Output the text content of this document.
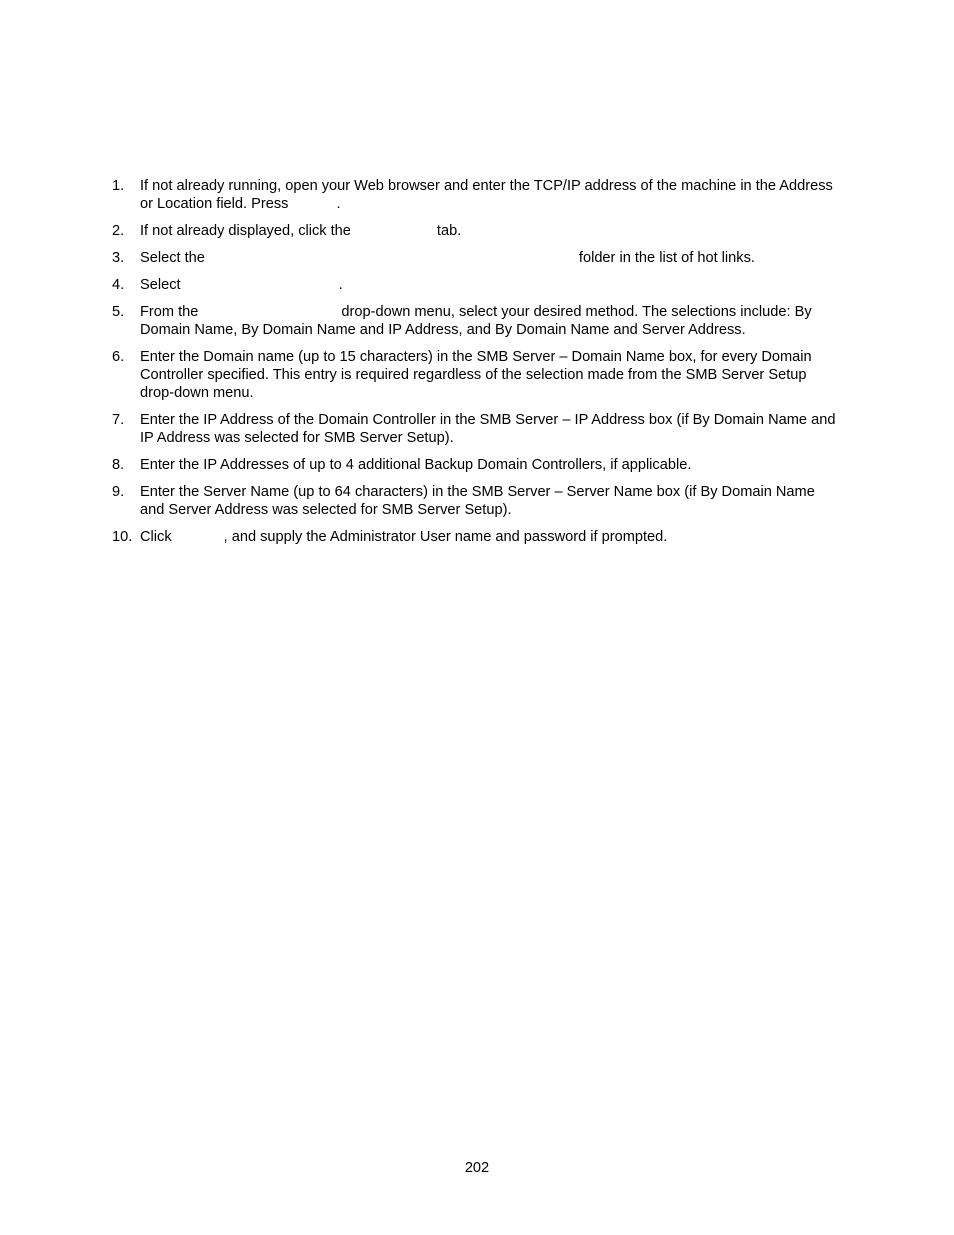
1. If not already running, open your Web browser and enter the TCP/IP address of the machine in the Address or Location field. Press	.
2. If not already displayed, click the	tab.
3. Select the	folder in the list of hot links.
4. Select	.
5. From the	drop-down menu, select your desired method. The selections include: By Domain Name, By Domain Name and IP Address, and By Domain Name and Server Address.
6. Enter the Domain name (up to 15 characters) in the SMB Server – Domain Name box, for every Domain Controller specified. This entry is required regardless of the selection made from the SMB Server Setup drop-down menu.
7. Enter the IP Address of the Domain Controller in the SMB Server – IP Address box (if By Domain Name and IP Address was selected for SMB Server Setup).
8. Enter the IP Addresses of up to 4 additional Backup Domain Controllers, if applicable.
9. Enter the Server Name (up to 64 characters) in the SMB Server – Server Name box (if By Domain Name and Server Address was selected for SMB Server Setup).
10. Click	, and supply the Administrator User name and password if prompted.
202
